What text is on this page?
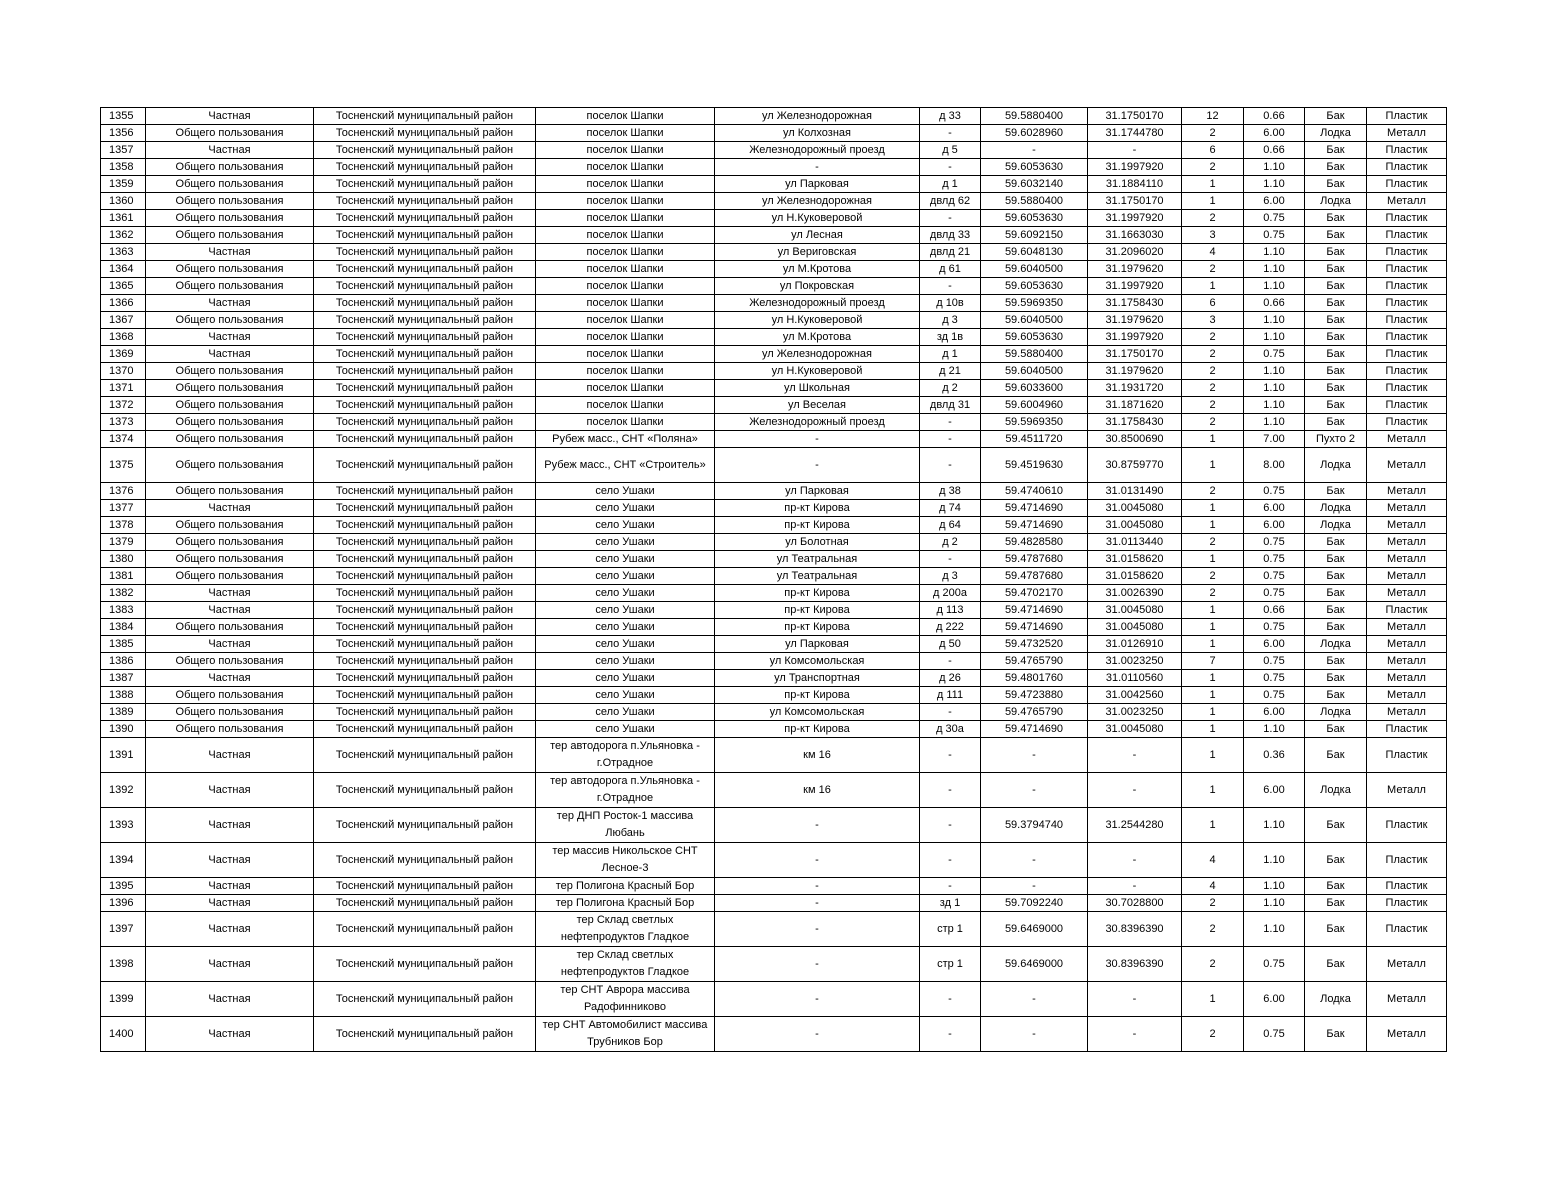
1355	Частная	Тосненский муниципальный район	поселок Шапки	ул Железнодорожная	д 33	59.5880400	31.1750170	12	0.66	Бак	Пластик
1356	Общего пользования	Тосненский муниципальный район	поселок Шапки	ул Колхозная	-	59.6028960	31.1744780	2	6.00	Лодка	Металл
1357	Частная	Тосненский муниципальный район	поселок Шапки	Железнодорожный проезд	д 5	-	-	6	0.66	Бак	Пластик
1358	Общего пользования	Тосненский муниципальный район	поселок Шапки	-	-	59.6053630	31.1997920	2	1.10	Бак	Пластик
1359	Общего пользования	Тосненский муниципальный район	поселок Шапки	ул Парковая	д 1	59.6032140	31.1884110	1	1.10	Бак	Пластик
1360	Общего пользования	Тосненский муниципальный район	поселок Шапки	ул Железнодорожная	двлд 62	59.5880400	31.1750170	1	6.00	Лодка	Металл
1361	Общего пользования	Тосненский муниципальный район	поселок Шапки	ул Н.Куковеровой	-	59.6053630	31.1997920	2	0.75	Бак	Пластик
1362	Общего пользования	Тосненский муниципальный район	поселок Шапки	ул Лесная	двлд 33	59.6092150	31.1663030	3	0.75	Бак	Пластик
1363	Частная	Тосненский муниципальный район	поселок Шапки	ул Вериговская	двлд 21	59.6048130	31.2096020	4	1.10	Бак	Пластик
1364	Общего пользования	Тосненский муниципальный район	поселок Шапки	ул М.Кротова	д 61	59.6040500	31.1979620	2	1.10	Бак	Пластик
1365	Общего пользования	Тосненский муниципальный район	поселок Шапки	ул Покровская	-	59.6053630	31.1997920	1	1.10	Бак	Пластик
1366	Частная	Тосненский муниципальный район	поселок Шапки	Железнодорожный проезд	д 10в	59.5969350	31.1758430	6	0.66	Бак	Пластик
1367	Общего пользования	Тосненский муниципальный район	поселок Шапки	ул Н.Куковеровой	д 3	59.6040500	31.1979620	3	1.10	Бак	Пластик
1368	Частная	Тосненский муниципальный район	поселок Шапки	ул М.Кротова	зд 1в	59.6053630	31.1997920	2	1.10	Бак	Пластик
1369	Частная	Тосненский муниципальный район	поселок Шапки	ул Железнодорожная	д 1	59.5880400	31.1750170	2	0.75	Бак	Пластик
1370	Общего пользования	Тосненский муниципальный район	поселок Шапки	ул Н.Куковеровой	д 21	59.6040500	31.1979620	2	1.10	Бак	Пластик
1371	Общего пользования	Тосненский муниципальный район	поселок Шапки	ул Школьная	д 2	59.6033600	31.1931720	2	1.10	Бак	Пластик
1372	Общего пользования	Тосненский муниципальный район	поселок Шапки	ул Веселая	двлд 31	59.6004960	31.1871620	2	1.10	Бак	Пластик
1373	Общего пользования	Тосненский муниципальный район	поселок Шапки	Железнодорожный проезд	-	59.5969350	31.1758430	2	1.10	Бак	Пластик
1374	Общего пользования	Тосненский муниципальный район	Рубеж масс., СНТ «Поляна»	-	-	59.4511720	30.8500690	1	7.00	Пухто 2	Металл
1375	Общего пользования	Тосненский муниципальный район	Рубеж масс., СНТ «Строитель»	-	-	59.4519630	30.8759770	1	8.00	Лодка	Металл
1376	Общего пользования	Тосненский муниципальный район	село Ушаки	ул Парковая	д 38	59.4740610	31.0131490	2	0.75	Бак	Металл
1377	Частная	Тосненский муниципальный район	село Ушаки	пр-кт Кирова	д 74	59.4714690	31.0045080	1	6.00	Лодка	Металл
1378	Общего пользования	Тосненский муниципальный район	село Ушаки	пр-кт Кирова	д 64	59.4714690	31.0045080	1	6.00	Лодка	Металл
1379	Общего пользования	Тосненский муниципальный район	село Ушаки	ул Болотная	д 2	59.4828580	31.0113440	2	0.75	Бак	Металл
1380	Общего пользования	Тосненский муниципальный район	село Ушаки	ул Театральная	-	59.4787680	31.0158620	1	0.75	Бак	Металл
1381	Общего пользования	Тосненский муниципальный район	село Ушаки	ул Театральная	д 3	59.4787680	31.0158620	2	0.75	Бак	Металл
1382	Частная	Тосненский муниципальный район	село Ушаки	пр-кт Кирова	д 200а	59.4702170	31.0026390	2	0.75	Бак	Металл
1383	Частная	Тосненский муниципальный район	село Ушаки	пр-кт Кирова	д 113	59.4714690	31.0045080	1	0.66	Бак	Пластик
1384	Общего пользования	Тосненский муниципальный район	село Ушаки	пр-кт Кирова	д 222	59.4714690	31.0045080	1	0.75	Бак	Металл
1385	Частная	Тосненский муниципальный район	село Ушаки	ул Парковая	д 50	59.4732520	31.0126910	1	6.00	Лодка	Металл
1386	Общего пользования	Тосненский муниципальный район	село Ушаки	ул Комсомольская	-	59.4765790	31.0023250	7	0.75	Бак	Металл
1387	Частная	Тосненский муниципальный район	село Ушаки	ул Транспортная	д 26	59.4801760	31.0110560	1	0.75	Бак	Металл
1388	Общего пользования	Тосненский муниципальный район	село Ушаки	пр-кт Кирова	д 111	59.4723880	31.0042560	1	0.75	Бак	Металл
1389	Общего пользования	Тосненский муниципальный район	село Ушаки	ул Комсомольская	-	59.4765790	31.0023250	1	6.00	Лодка	Металл
1390	Общего пользования	Тосненский муниципальный район	село Ушаки	пр-кт Кирова	д 30а	59.4714690	31.0045080	1	1.10	Бак	Пластик
1391	Частная	Тосненский муниципальный район	тер автодорога п.Ульяновка - г.Отрадное	км 16	-	-	-	1	0.36	Бак	Пластик
1392	Частная	Тосненский муниципальный район	тер автодорога п.Ульяновка - г.Отрадное	км 16	-	-	-	1	6.00	Лодка	Металл
1393	Частная	Тосненский муниципальный район	тер ДНП Росток-1 массива Любань	-	-	59.3794740	31.2544280	1	1.10	Бак	Пластик
1394	Частная	Тосненский муниципальный район	тер массив Никольское СНТ Лесное-3	-	-	-	-	4	1.10	Бак	Пластик
1395	Частная	Тосненский муниципальный район	тер Полигона Красный Бор	-	-	-	-	4	1.10	Бак	Пластик
1396	Частная	Тосненский муниципальный район	тер Полигона Красный Бор	-	зд 1	59.7092240	30.7028800	2	1.10	Бак	Пластик
1397	Частная	Тосненский муниципальный район	тер Склад светлых нефтепродуктов Гладкое	-	стр 1	59.6469000	30.8396390	2	1.10	Бак	Пластик
1398	Частная	Тосненский муниципальный район	тер Склад светлых нефтепродуктов Гладкое	-	стр 1	59.6469000	30.8396390	2	0.75	Бак	Металл
1399	Частная	Тосненский муниципальный район	тер СНТ Аврора массива Радофинниково	-	-	-	-	1	6.00	Лодка	Металл
1400	Частная	Тосненский муниципальный район	тер СНТ Автомобилист массива Трубников Бор	-	-	-	-	2	0.75	Бак	Металл
